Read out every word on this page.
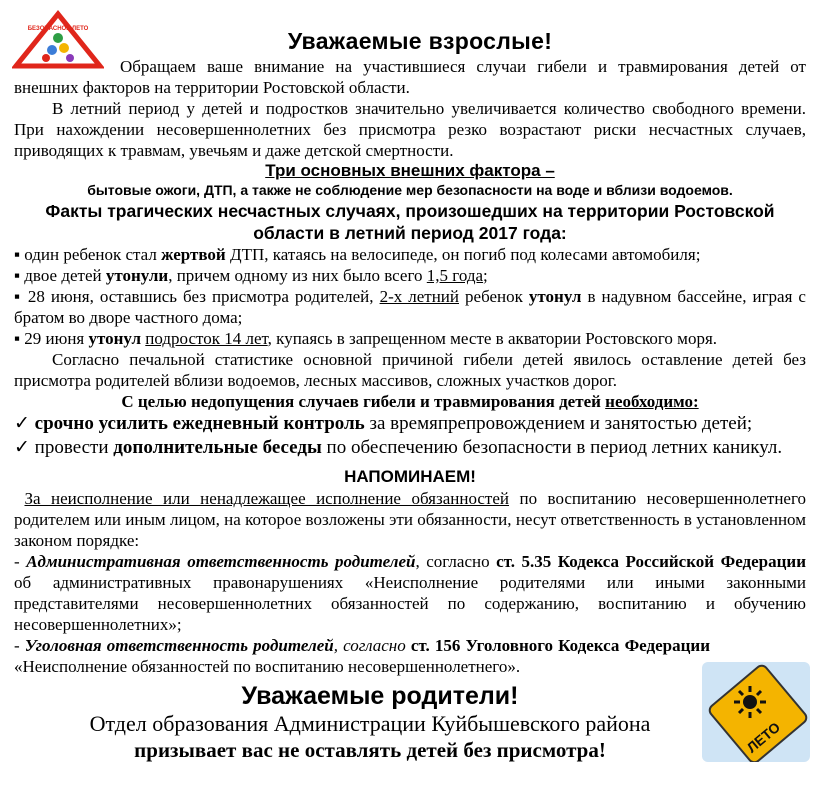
БЕЗОПАСНОЕ ЛЕТО
ЛЕТО
Уважаемые взрослые!

Обращаем ваше внимание на участившиеся случаи гибели и травмирования детей от внешних факторов на территории Ростовской области.

В летний период у детей и подростков значительно увеличивается количество свободного времени. При нахождении несовершеннолетних без присмотра резко возрастают риски несчастных случаев, приводящих к травмам, увечьям и даже детской смертности.

Три основных внешних фактора –

бытовые ожоги, ДТП, а также не соблюдение мер безопасности на воде и вблизи водоемов.

Факты трагических несчастных случаях, произошедших на территории Ростовской области в летний период 2017 года:

▪ один ребенок стал жертвой ДТП, катаясь на велосипеде, он погиб под колесами автомобиля;

▪ двое детей утонули, причем одному из них было всего 1,5 года;

▪ 28 июня, оставшись без присмотра родителей, 2-х летний ребенок утонул в надувном бассейне, играя с братом во дворе частного дома;

▪ 29 июня утонул подросток 14 лет, купаясь в запрещенном месте в акватории Ростовского моря.

Согласно печальной статистике основной причиной гибели детей явилось оставление детей без присмотра родителей вблизи водоемов, лесных массивов, сложных участков дорог.

С целью недопущения случаев гибели и травмирования детей необходимо:

✓ срочно усилить ежедневный контроль за времяпрепровождением и занятостью детей;

✓ провести дополнительные беседы по обеспечению безопасности в период летних каникул.

НАПОМИНАЕМ!

За неисполнение или ненадлежащее исполнение обязанностей по воспитанию несовершеннолетнего родителем или иным лицом, на которое возложены эти обязанности, несут ответственность в установленном законом порядке:

- Административная ответственность родителей, согласно ст. 5.35 Кодекса Российской Федерации об административных правонарушениях «Неисполнение родителями или иными законными представителями несовершеннолетних обязанностей по содержанию, воспитанию и обучению несовершеннолетних»;

- Уголовная ответственность родителей, согласно ст. 156 Уголовного Кодекса Федерации «Неисполнение обязанностей по воспитанию несовершеннолетнего».

Уважаемые родители!

Отдел образования Администрации Куйбышевского района

призывает вас не оставлять детей без присмотра!
